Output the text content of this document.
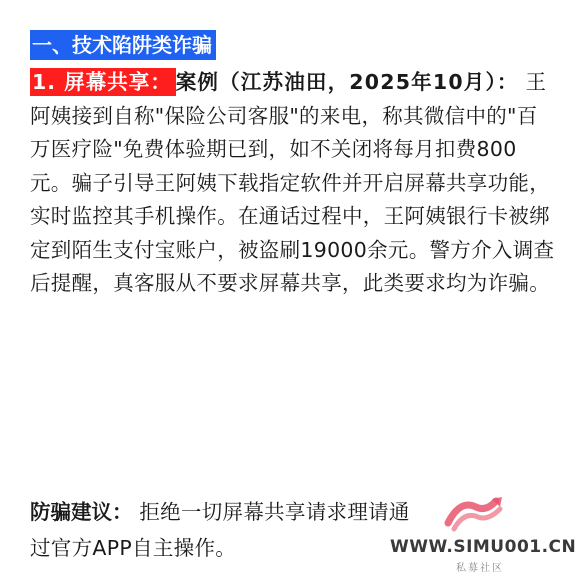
一、技术陷阱类诈骗
1. 屏幕共享： 案例（江苏油田，2025年10月）： 王阿姨接到自称"保险公司客服"的来电，称其微信中的"百万医疗险"免费体验期已到，如不关闭将每月扣费800元。骗子引导王阿姨下载指定软件并开启屏幕共享功能，实时监控其手机操作。在通话过程中，王阿姨银行卡被绑定到陌生支付宝账户，被盗刷19000余元。警方介入调查后提醒，真客服从不要求屏幕共享，此类要求均为诈骗。
防骗建议： 拒绝一切屏幕共享请求理请通过官方APP自主操作。	WWW.SIMU001.CN
私募社区
